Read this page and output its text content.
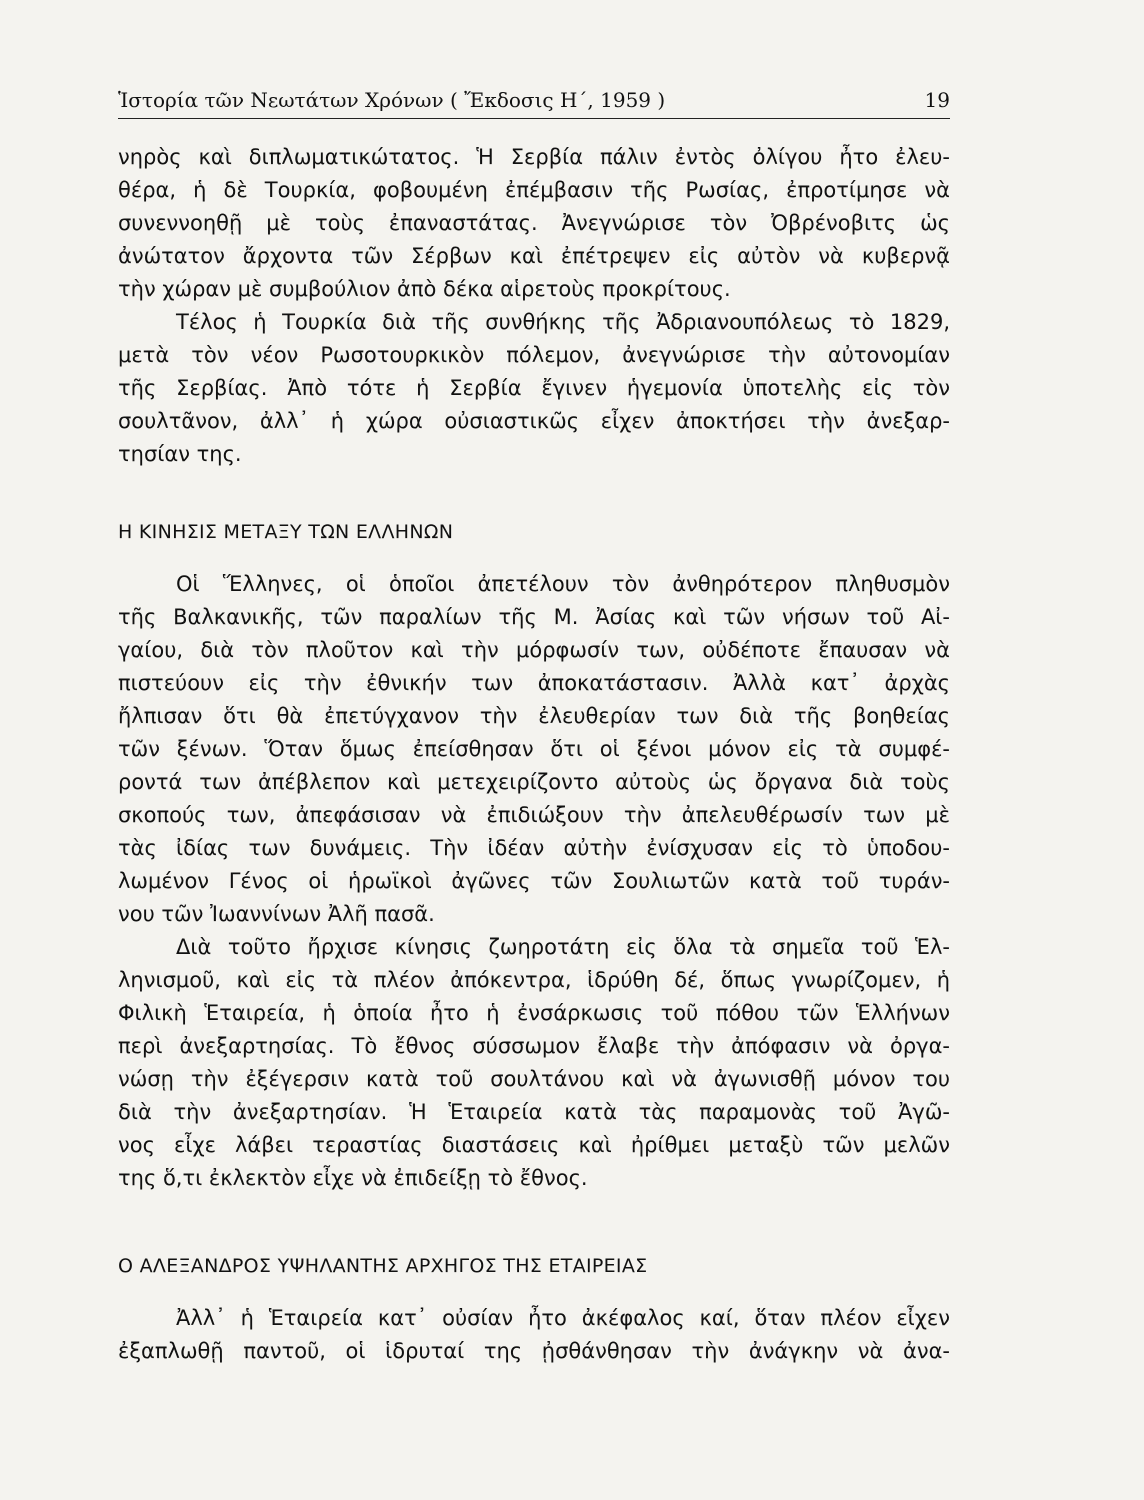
Ἱστορία τῶν Νεωτάτων Χρόνων ( Ἔκδοσις Η΄, 1959 )	19
νηρὸς καὶ διπλωματικώτατος. Ἡ Σερβία πάλιν ἐντὸς ὀλίγου ἦτο ἐλευ-
θέρα, ἡ δὲ Τουρκία, φοβουμένη ἐπέμβασιν τῆς Ρωσίας, ἐπροτίμησε νὰ
συνεννοηθῇ μὲ τοὺς ἐπαναστάτας. Ἀνεγνώρισε τὸν Ὀβρένοβιτς ὡς
ἀνώτατον ἄρχοντα τῶν Σέρβων καὶ ἐπέτρεψεν εἰς αὐτὸν νὰ κυβερνᾷ
τὴν χώραν μὲ συμβούλιον ἀπὸ δέκα αἱρετοὺς προκρίτους.
Τέλος ἡ Τουρκία διὰ τῆς συνθήκης τῆς Ἀδριανουπόλεως τὸ 1829,
μετὰ τὸν νέον Ρωσοτουρκικὸν πόλεμον, ἀνεγνώρισε τὴν αὐτονομίαν
τῆς Σερβίας. Ἀπὸ τότε ἡ Σερβία ἔγινεν ἡγεμονία ὑποτελὴς εἰς τὸν
σουλτᾶνον, ἀλλ᾿ ἡ χώρα οὐσιαστικῶς εἶχεν ἀποκτήσει τὴν ἀνεξαρ-
τησίαν της.
Η ΚΙΝΗΣΙΣ ΜΕΤΑΞΥ ΤΩΝ ΕΛΛΗΝΩΝ
Οἱ Ἕλληνες, οἱ ὁποῖοι ἀπετέλουν τὸν ἀνθηρότερον πληθυσμὸν
τῆς Βαλκανικῆς, τῶν παραλίων τῆς Μ. Ἀσίας καὶ τῶν νήσων τοῦ Αἰ-
γαίου, διὰ τὸν πλοῦτον καὶ τὴν μόρφωσίν των, οὐδέποτε ἔπαυσαν νὰ
πιστεύουν εἰς τὴν ἐθνικήν των ἀποκατάστασιν. Ἀλλὰ κατ᾿ ἀρχὰς
ἤλπισαν ὅτι θὰ ἐπετύγχανον τὴν ἐλευθερίαν των διὰ τῆς βοηθείας
τῶν ξένων. Ὅταν ὅμως ἐπείσθησαν ὅτι οἱ ξένοι μόνον εἰς τὰ συμφέ-
ροντά των ἀπέβλεπον καὶ μετεχειρίζοντο αὐτοὺς ὡς ὄργανα διὰ τοὺς
σκοπούς των, ἀπεφάσισαν νὰ ἐπιδιώξουν τὴν ἀπελευθέρωσίν των μὲ
τὰς ἰδίας των δυνάμεις. Τὴν ἰδέαν αὐτὴν ἐνίσχυσαν εἰς τὸ ὑποδου-
λωμένον Γένος οἱ ἡρωϊκοὶ ἀγῶνες τῶν Σουλιωτῶν κατὰ τοῦ τυράν-
νου τῶν Ἰωαννίνων Ἀλῆ πασᾶ.
Διὰ τοῦτο ἤρχισε κίνησις ζωηροτάτη εἰς ὅλα τὰ σημεῖα τοῦ Ἑλ-
ληνισμοῦ, καὶ εἰς τὰ πλέον ἀπόκεντρα, ἱδρύθη δέ, ὅπως γνωρίζομεν, ἡ
Φιλικὴ Ἑταιρεία, ἡ ὁποία ἦτο ἡ ἐνσάρκωσις τοῦ πόθου τῶν Ἑλλήνων
περὶ ἀνεξαρτησίας. Τὸ ἔθνος σύσσωμον ἔλαβε τὴν ἀπόφασιν νὰ ὀργα-
νώσῃ τὴν ἐξέγερσιν κατὰ τοῦ σουλτάνου καὶ νὰ ἀγωνισθῇ μόνον του
διὰ τὴν ἀνεξαρτησίαν. Ἡ Ἑταιρεία κατὰ τὰς παραμονὰς τοῦ Ἀγῶ-
νος εἶχε λάβει τεραστίας διαστάσεις καὶ ἠρίθμει μεταξὺ τῶν μελῶν
της ὅ,τι ἐκλεκτὸν εἶχε νὰ ἐπιδείξῃ τὸ ἔθνος.
Ο ΑΛΕΞΑΝΔΡΟΣ ΥΨΗΛΑΝΤΗΣ ΑΡΧΗΓΟΣ ΤΗΣ ΕΤΑΙΡΕΙΑΣ
Ἀλλ᾿ ἡ Ἑταιρεία κατ᾿ οὐσίαν ἦτο ἀκέφαλος καί, ὅταν πλέον εἶχεν
ἐξαπλωθῇ παντοῦ, οἱ ἱδρυταί της ᾐσθάνθησαν τὴν ἀνάγκην νὰ ἀνα-
